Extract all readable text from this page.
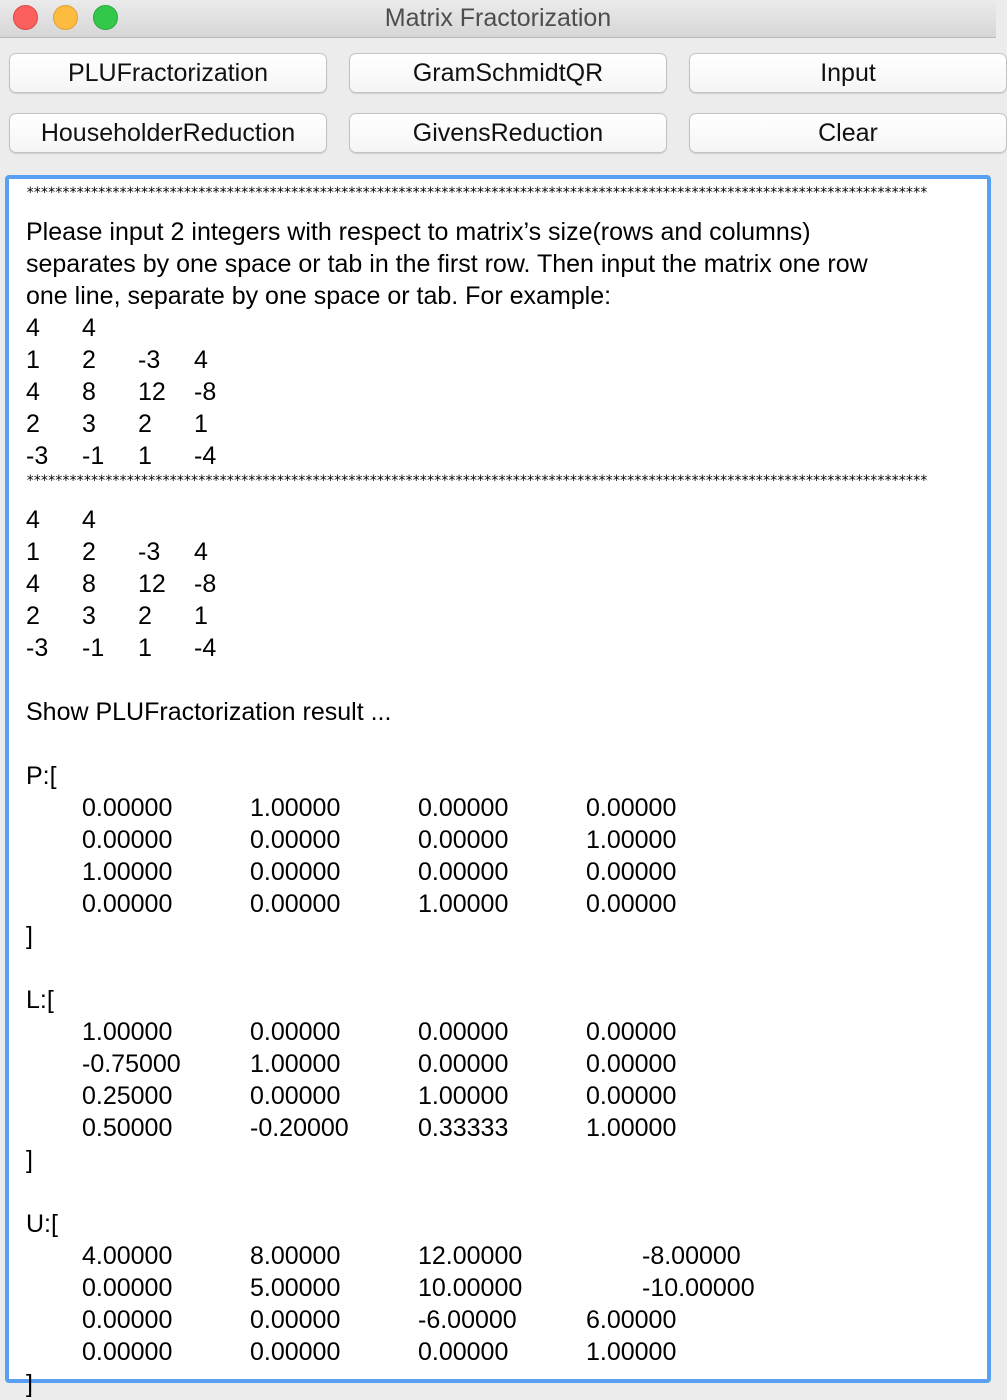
Matrix Fractorization
PLUFractorization	GramSchmidtQR	Input
HouseholderReduction	GivensReduction	Clear
******************************************************************************************************************************
Please input 2 integers with respect to matrix’s size(rows and columns)
separates by one space or tab in the first row. Then input the matrix one row
one line, separate by one space or tab. For example:
******************************************************************************************************************************
Show PLUFractorization result ...
4 4
1 2 -3 4
4 8 12 -8
2 3 2 1
-3 -1 1 -4
4 4
1 2 -3 4
4 8 12 -8
2 3 2 1
-3 -1 1 -4
P:[
0.00000	1.00000	0.00000	0.00000
0.00000	0.00000	0.00000	1.00000
1.00000	0.00000	0.00000	0.00000
0.00000	0.00000	1.00000	0.00000
]
L:[
1.00000	0.00000	0.00000	0.00000
-0.75000	1.00000	0.00000	0.00000
0.25000	0.00000	1.00000	0.00000
0.50000	-0.20000	0.33333	1.00000
]
U:[
4.00000	8.00000	12.00000	-8.00000
0.00000	5.00000	10.00000	-10.00000
0.00000	0.00000	-6.00000	6.00000
0.00000	0.00000	0.00000	1.00000
]
